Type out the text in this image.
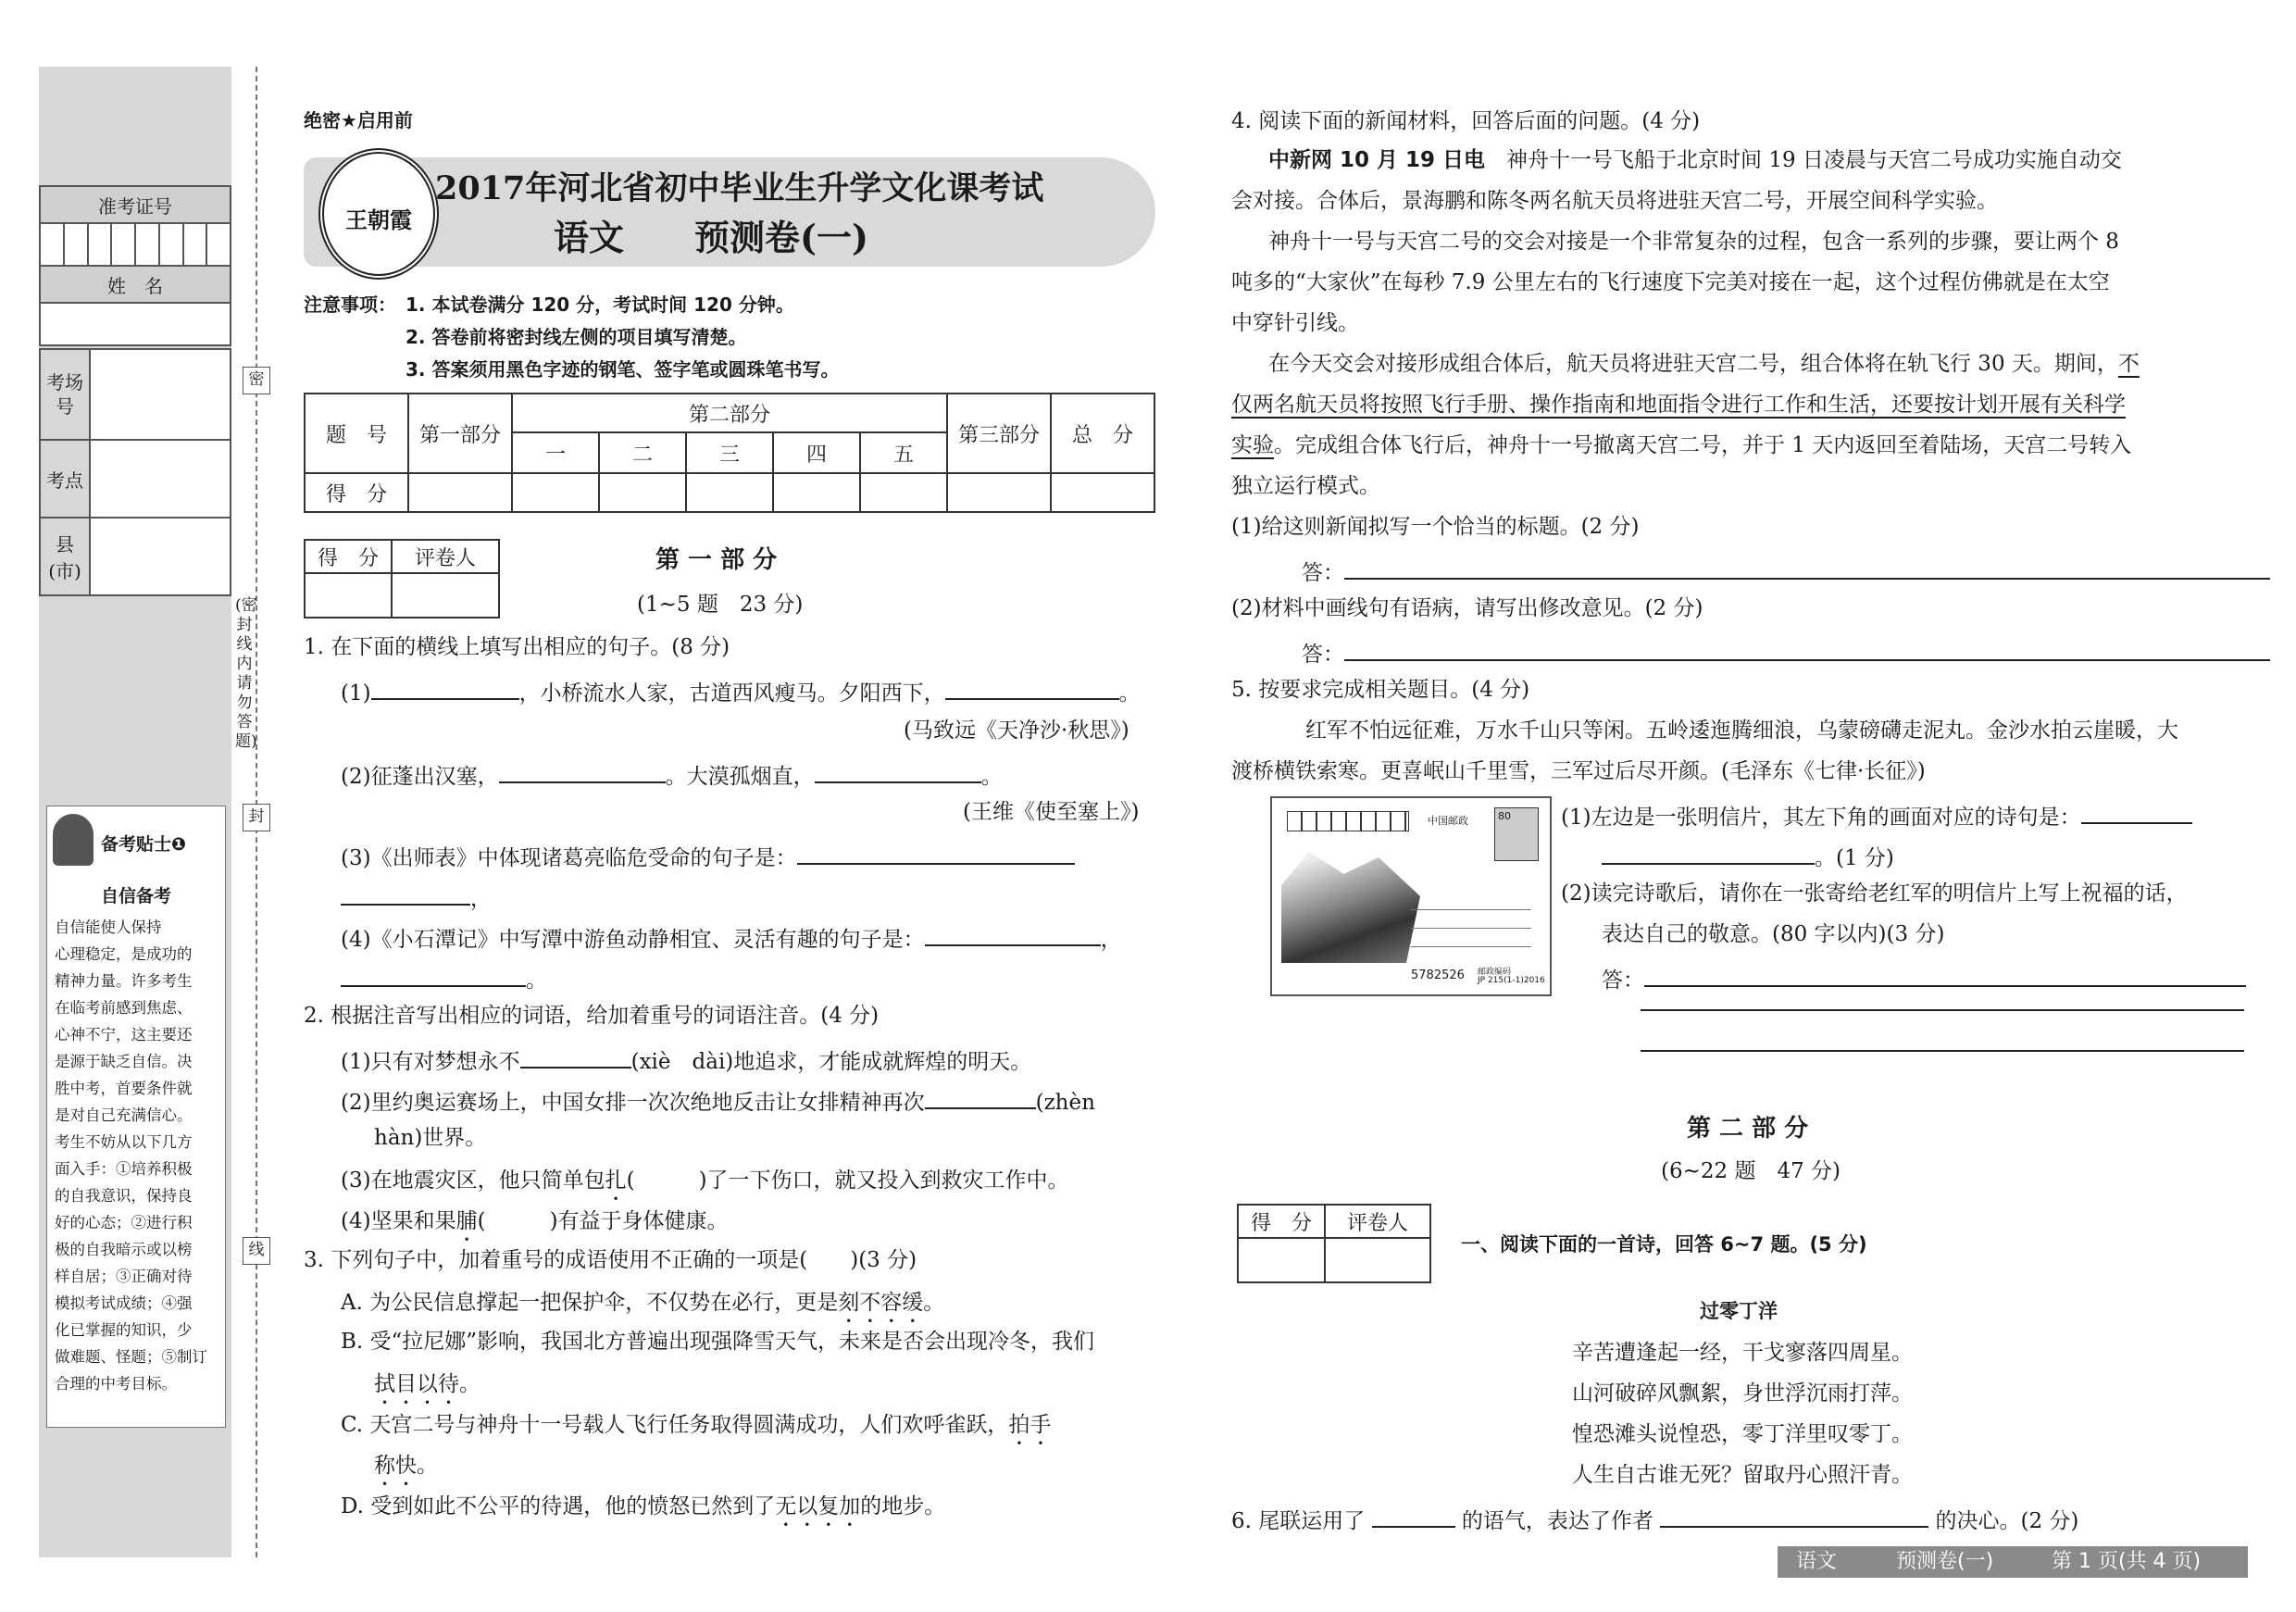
准考证号

姓　名

考场号	
考点	
县(市)	
备考贴士❶
自信备考
自信能使人保持
心理稳定，是成功的
精神力量。许多考生
在临考前感到焦虑、
心神不宁，这主要还
是源于缺乏自信。决
胜中考，首要条件就
是对自己充满信心。
考生不妨从以下几方
面入手：①培养积极
的自我意识，保持良
好的心态；②进行积
极的自我暗示或以榜
样自居；③正确对待
模拟考试成绩；④强
化已掌握的知识，少
做难题、怪题；⑤制订
合理的中考目标。
密
封
线
(密封线内请勿答题)
绝密★启用前
王朝霞
2017年河北省初中毕业生升学文化课考试
语文　　预测卷(一)
注意事项： 1. 本试卷满分 120 分，考试时间 120 分钟。
2. 答卷前将密封线左侧的项目填写清楚。
3. 答案须用黑色字迹的钢笔、签字笔或圆珠笔书写。
题　号	第一部分	第二部分					第三部分	总　分
		一	二	三	四	五		
得　分								
得　分	评卷人
		第 一 部 分
(1~5 题　23 分)
1. 在下面的横线上填写出相应的句子。(8 分)
(1)	，小桥流水人家，古道西风瘦马。夕阳西下，	。
(马致远《天净沙·秋思》)
(2)征蓬出汉塞，	。大漠孤烟直，	。
(王维《使至塞上》)
(3)《出师表》中体现诸葛亮临危受命的句子是：
，
(4)《小石潭记》中写潭中游鱼动静相宜、灵活有趣的句子是：	，
。
2. 根据注音写出相应的词语，给加着重号的词语注音。(4 分)
(1)只有对梦想永不	(xiè　dài)地追求，才能成就辉煌的明天。
(2)里约奥运赛场上，中国女排一次次绝地反击让女排精神再次	(zhèn
hàn)世界。
(3)在地震灾区，他只简单包扎(　　　)了一下伤口，就又投入到救灾工作中。
(4)坚果和果脯(　　　)有益于身体健康。
3. 下列句子中，加着重号的成语使用不正确的一项是(　　)(3 分)
A. 为公民信息撑起一把保护伞，不仅势在必行，更是刻不容缓。
B. 受“拉尼娜”影响，我国北方普遍出现强降雪天气，未来是否会出现冷冬，我们
拭目以待。
C. 天宫二号与神舟十一号载人飞行任务取得圆满成功，人们欢呼雀跃，拍手
称快。
D. 受到如此不公平的待遇，他的愤怒已然到了无以复加的地步。
4. 阅读下面的新闻材料，回答后面的问题。(4 分)
中新网 10 月 19 日电　神舟十一号飞船于北京时间 19 日凌晨与天宫二号成功实施自动交
会对接。合体后，景海鹏和陈冬两名航天员将进驻天宫二号，开展空间科学实验。
神舟十一号与天宫二号的交会对接是一个非常复杂的过程，包含一系列的步骤，要让两个 8
吨多的“大家伙”在每秒 7.9 公里左右的飞行速度下完美对接在一起，这个过程仿佛就是在太空
中穿针引线。
在今天交会对接形成组合体后，航天员将进驻天宫二号，组合体将在轨飞行 30 天。期间，不
仅两名航天员将按照飞行手册、操作指南和地面指令进行工作和生活，还要按计划开展有关科学
实验。完成组合体飞行后，神舟十一号撤离天宫二号，并于 1 天内返回至着陆场，天宫二号转入
独立运行模式。
(1)给这则新闻拟写一个恰当的标题。(2 分)
答：
(2)材料中画线句有语病，请写出修改意见。(2 分)
答：
5. 按要求完成相关题目。(4 分)
红军不怕远征难，万水千山只等闲。五岭逶迤腾细浪，乌蒙磅礴走泥丸。金沙水拍云崖暖，大
渡桥横铁索寒。更喜岷山千里雪，三军过后尽开颜。(毛泽东《七律·长征》)
中国邮政	80
5782526 邮政编码
JP 215(1-1)2016
(1)左边是一张明信片，其左下角的画面对应的诗句是：
。(1 分)
(2)读完诗歌后，请你在一张寄给老红军的明信片上写上祝福的话，
表达自己的敬意。(80 字以内)(3 分)
答：
第 二 部 分
(6~22 题　47 分)
得　分	评卷人

一、阅读下面的一首诗，回答 6~7 题。(5 分)
过零丁洋
辛苦遭逢起一经，干戈寥落四周星。
山河破碎风飘絮，身世浮沉雨打萍。
惶恐滩头说惶恐，零丁洋里叹零丁。
人生自古谁无死？留取丹心照汗青。
6. 尾联运用了	的语气，表达了作者	的决心。(2 分)
语文	预测卷(一)	第 1 页(共 4 页)
